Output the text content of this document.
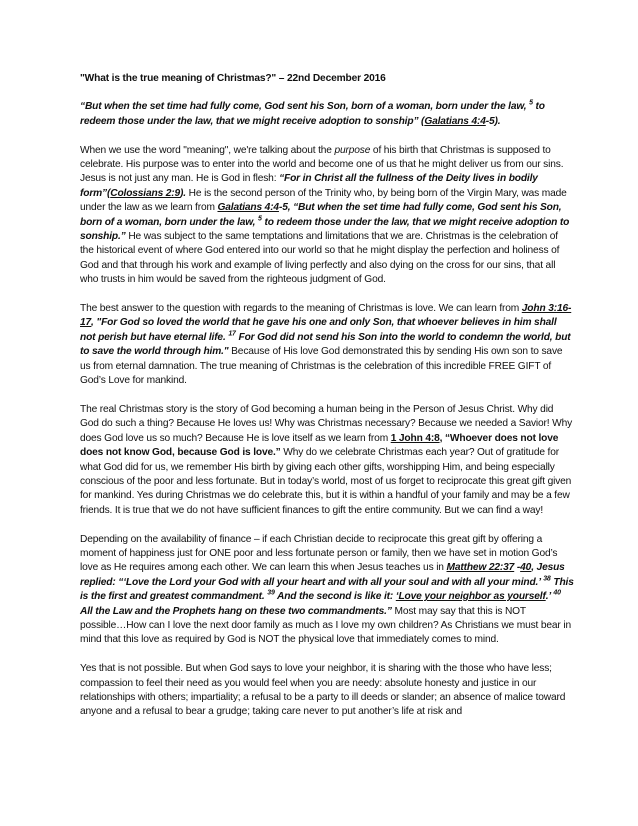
"What is the true meaning of Christmas?" – 22nd December 2016
“But when the set time had fully come, God sent his Son, born of a woman, born under the law, $^5$ to redeem those under the law, that we might receive adoption to sonship” (Galatians 4:4-5).
When we use the word "meaning", we're talking about the purpose of his birth that Christmas is supposed to celebrate. His purpose was to enter into the world and become one of us that he might deliver us from our sins. Jesus is not just any man. He is God in flesh: “For in Christ all the fullness of the Deity lives in bodily form”(Colossians 2:9). He is the second person of the Trinity who, by being born of the Virgin Mary, was made under the law as we learn from Galatians 4:4-5, “But when the set time had fully come, God sent his Son, born of a woman, born under the law, $^5$ to redeem those under the law, that we might receive adoption to sonship.” He was subject to the same temptations and limitations that we are. Christmas is the celebration of the historical event of where God entered into our world so that he might display the perfection and holiness of God and that through his work and example of living perfectly and also dying on the cross for our sins, that all who trusts in him would be saved from the righteous judgment of God.
The best answer to the question with regards to the meaning of Christmas is love. We can learn from John 3:16-17, "For God so loved the world that he gave his one and only Son, that whoever believes in him shall not perish but have eternal life. $^{17}$ For God did not send his Son into the world to condemn the world, but to save the world through him." Because of His love God demonstrated this by sending His own son to save us from eternal damnation. The true meaning of Christmas is the celebration of this incredible FREE GIFT of God’s Love for mankind.
The real Christmas story is the story of God becoming a human being in the Person of Jesus Christ. Why did God do such a thing? Because He loves us! Why was Christmas necessary? Because we needed a Savior! Why does God love us so much? Because He is love itself as we learn from 1 John 4:8, “Whoever does not love does not know God, because God is love.” Why do we celebrate Christmas each year? Out of gratitude for what God did for us, we remember His birth by giving each other gifts, worshipping Him, and being especially conscious of the poor and less fortunate. But in today’s world, most of us forget to reciprocate this great gift given for mankind. Yes during Christmas we do celebrate this, but it is within a handful of your family and may be a few friends. It is true that we do not have sufficient finances to gift the entire community. But we can find a way!
Depending on the availability of finance – if each Christian decide to reciprocate this great gift by offering a moment of happiness just for ONE poor and less fortunate person or family, then we have set in motion God’s love as He requires among each other. We can learn this when Jesus teaches us in Matthew 22:37 -40, Jesus replied: “‘Love the Lord your God with all your heart and with all your soul and with all your mind.’ $^{38}$ This is the first and greatest commandment. $^{39}$ And the second is like it: ‘Love your neighbor as yourself.’ $^{40}$ All the Law and the Prophets hang on these two commandments.” Most may say that this is NOT possible…How can I love the next door family as much as I love my own children? As Christians we must bear in mind that this love as required by God is NOT the physical love that immediately comes to mind.
Yes that is not possible. But when God says to love your neighbor, it is sharing with the those who have less; compassion to feel their need as you would feel when you are needy: absolute honesty and justice in our relationships with others; impartiality; a refusal to be a party to ill deeds or slander; an absence of malice toward anyone and a refusal to bear a grudge; taking care never to put another’s life at risk and
